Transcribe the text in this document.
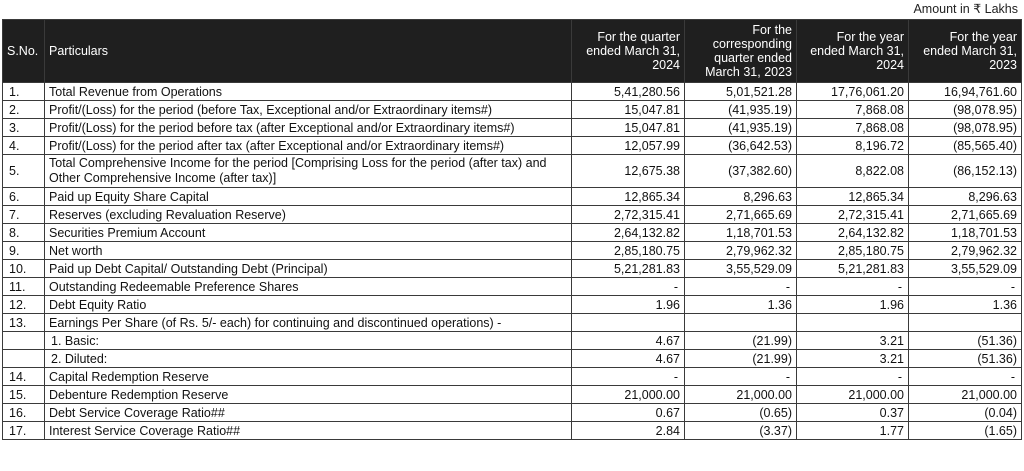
Amount in ₹ Lakhs
S.No.	Particulars	For the quarter ended March 31, 2024	For the corresponding quarter ended March 31, 2023	For the year ended March 31, 2024	For the year ended March 31, 2023
1.	Total Revenue from Operations	5,41,280.56	5,01,521.28	17,76,061.20	16,94,761.60
2.	Profit/(Loss) for the period (before Tax, Exceptional and/or Extraordinary items#)	15,047.81	(41,935.19)	7,868.08	(98,078.95)
3.	Profit/(Loss) for the period before tax (after Exceptional and/or Extraordinary items#)	15,047.81	(41,935.19)	7,868.08	(98,078.95)
4.	Profit/(Loss) for the period after tax (after Exceptional and/or Extraordinary items#)	12,057.99	(36,642.53)	8,196.72	(85,565.40)
5.	Total Comprehensive Income for the period [Comprising Loss for the period (after tax) and Other Comprehensive Income (after tax)]	12,675.38	(37,382.60)	8,822.08	(86,152.13)
6.	Paid up Equity Share Capital	12,865.34	8,296.63	12,865.34	8,296.63
7.	Reserves (excluding Revaluation Reserve)	2,72,315.41	2,71,665.69	2,72,315.41	2,71,665.69
8.	Securities Premium Account	2,64,132.82	1,18,701.53	2,64,132.82	1,18,701.53
9.	Net worth	2,85,180.75	2,79,962.32	2,85,180.75	2,79,962.32
10.	Paid up Debt Capital/ Outstanding Debt (Principal)	5,21,281.83	3,55,529.09	5,21,281.83	3,55,529.09
11.	Outstanding Redeemable Preference Shares	-	-	-	-
12.	Debt Equity Ratio	1.96	1.36	1.96	1.36
13.	Earnings Per Share (of Rs. 5/- each) for continuing and discontinued operations) -				
	1. Basic:	4.67	(21.99)	3.21	(51.36)
	2. Diluted:	4.67	(21.99)	3.21	(51.36)
14.	Capital Redemption Reserve	-	-	-	-
15.	Debenture Redemption Reserve	21,000.00	21,000.00	21,000.00	21,000.00
16.	Debt Service Coverage Ratio##	0.67	(0.65)	0.37	(0.04)
17.	Interest Service Coverage Ratio##	2.84	(3.37)	1.77	(1.65)
